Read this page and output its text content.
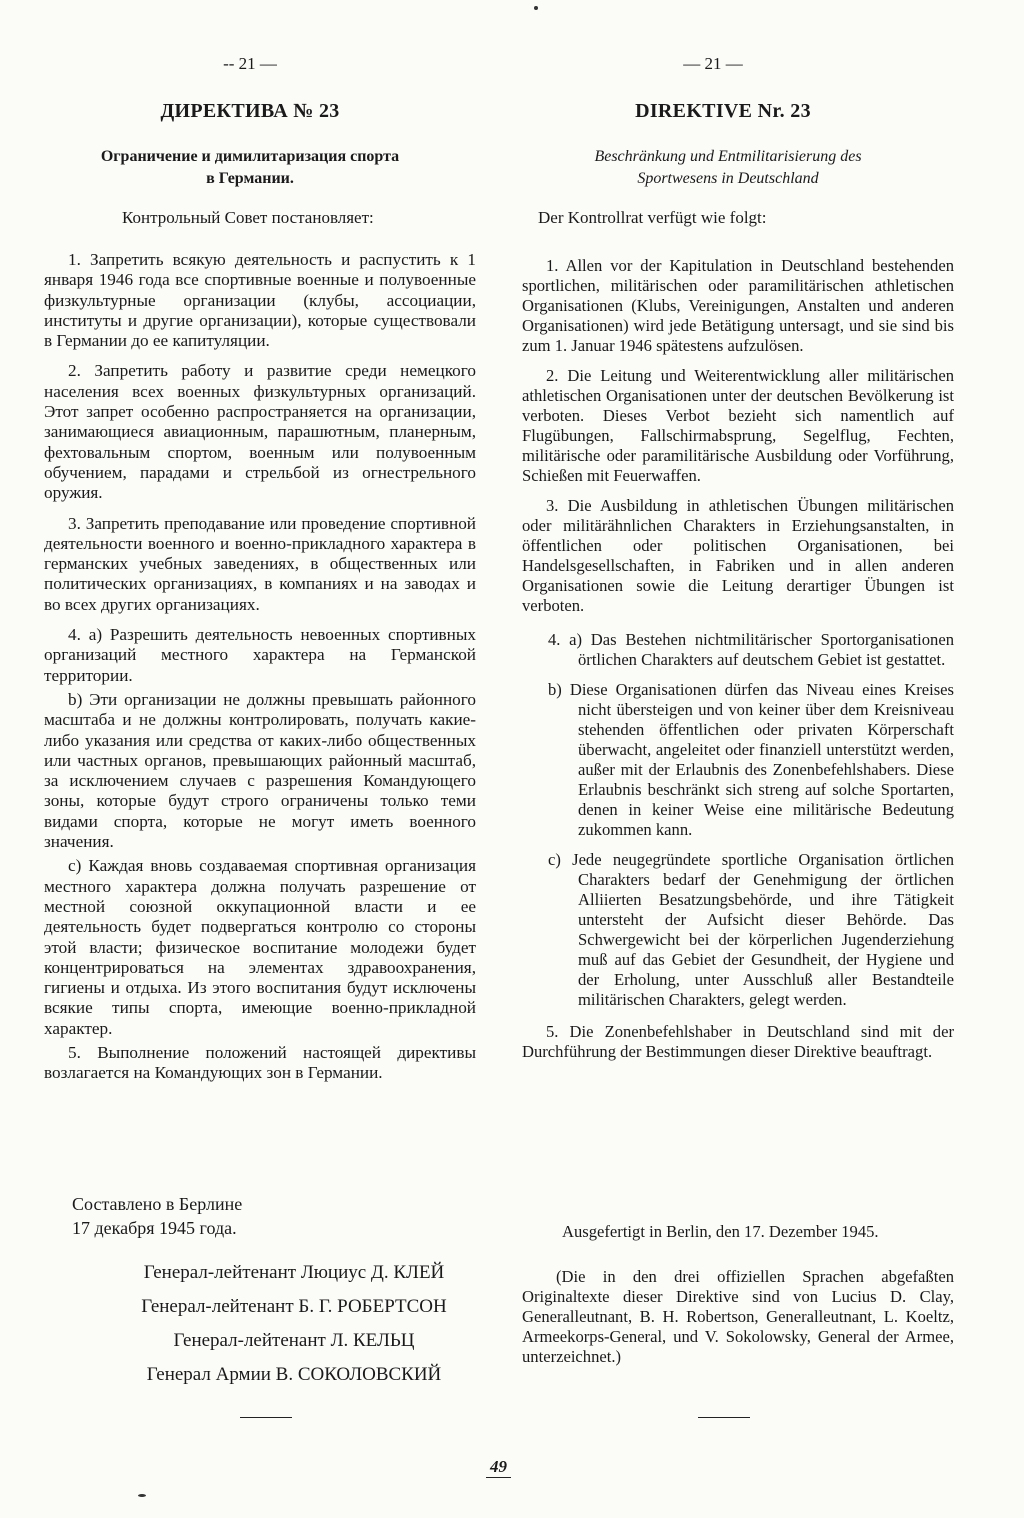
-- 21 —
ДИРЕКТИВА № 23
Ограничение и димилитаризация спорта
в Германии.
Контрольный Совет постановляет:

1. Запретить всякую деятельность и распустить к 1 января 1946 года все спортивные военные и полувоенные физкультурные организации (клубы, ассоциации, институты и другие организации), которые существовали в Германии до ее капитуляции.

2. Запретить работу и развитие среди немецкого населения всех военных физкультурных организаций. Этот запрет особенно распространяется на организации, занимающиеся авиационным, парашютным, планерным, фехтовальным спортом, военным или полувоенным обучением, парадами и стрельбой из огнестрельного оружия.

3. Запретить преподавание или проведение спортивной деятельности военного и военно-прикладного характера в германских учебных заведениях, в общественных или политических организациях, в компаниях и на заводах и во всех других организациях.

4. а) Разрешить деятельность невоенных спортивных организаций местного характера на Германской территории.

b) Эти организации не должны превышать районного масштаба и не должны контролировать, получать какие-либо указания или средства от каких-либо общественных или частных органов, превышающих районный масштаб, за исключением случаев с разрешения Командующего зоны, которые будут строго ограничены только теми видами спорта, которые не могут иметь военного значения.

с) Каждая вновь создаваемая спортивная организация местного характера должна получать разрешение от местной союзной оккупационной власти и ее деятельность будет подвергаться контролю со стороны этой власти; физическое воспитание молодежи будет концентрироваться на элементах здравоохранения, гигиены и отдыха. Из этого воспитания будут исключены всякие типы спорта, имеющие военно-прикладной характер.

5. Выполнение положений настоящей директивы возлагается на Командующих зон в Германии.

Составлено в Берлине
17 декабря 1945 года.
Генерал-лейтенант Люциус Д. КЛЕЙ
Генерал-лейтенант Б. Г. РОБЕРТСОН
Генерал-лейтенант Л. КЕЛЬЦ
Генерал Армии В. СОКОЛОВСКИЙ
— 21 —
DIREKTIVE Nr. 23
Beschränkung und Entmilitarisierung des
Sportwesens in Deutschland
Der Kontrollrat verfügt wie folgt:

1. Allen vor der Kapitulation in Deutschland bestehenden sportlichen, militärischen oder paramilitärischen athletischen Organisationen (Klubs, Vereinigungen, Anstalten und anderen Organisationen) wird jede Betätigung untersagt, und sie sind bis zum 1. Januar 1946 spätestens aufzulösen.

2. Die Leitung und Weiterentwicklung aller militärischen athletischen Organisationen unter der deutschen Bevölkerung ist verboten. Dieses Verbot bezieht sich namentlich auf Flugübungen, Fallschirmabsprung, Segelflug, Fechten, militärische oder paramilitärische Ausbildung oder Vorführung, Schießen mit Feuerwaffen.

3. Die Ausbildung in athletischen Übungen militärischen oder militärähnlichen Charakters in Erziehungsanstalten, in öffentlichen oder politischen Organisationen, bei Handelsgesellschaften, in Fabriken und in allen anderen Organisationen sowie die Leitung derartiger Übungen ist verboten.

4. a) Das Bestehen nichtmilitärischer Sportorganisationen örtlichen Charakters auf deutschem Gebiet ist gestattet.

b) Diese Organisationen dürfen das Niveau eines Kreises nicht übersteigen und von keiner über dem Kreisniveau stehenden öffentlichen oder privaten Körperschaft überwacht, angeleitet oder finanziell unterstützt werden, außer mit der Erlaubnis des Zonenbefehlshabers. Diese Erlaubnis beschränkt sich streng auf solche Sportarten, denen in keiner Weise eine militärische Bedeutung zukommen kann.

c) Jede neugegründete sportliche Organisation örtlichen Charakters bedarf der Genehmigung der örtlichen Alliierten Besatzungsbehörde, und ihre Tätigkeit untersteht der Aufsicht dieser Behörde. Das Schwergewicht bei der körperlichen Jugenderziehung muß auf das Gebiet der Gesundheit, der Hygiene und der Erholung, unter Ausschluß aller Bestandteile militärischen Charakters, gelegt werden.

5. Die Zonenbefehlshaber in Deutschland sind mit der Durchführung der Bestimmungen dieser Direktive beauftragt.

Ausgefertigt in Berlin, den 17. Dezember 1945.
(Die in den drei offiziellen Sprachen abgefaßten Originaltexte dieser Direktive sind von Lucius D. Clay, Generalleutnant, B. H. Robertson, Generalleutnant, L. Koeltz, Armeekorps-General, und V. Sokolowsky, General der Armee, unterzeichnet.)
49
